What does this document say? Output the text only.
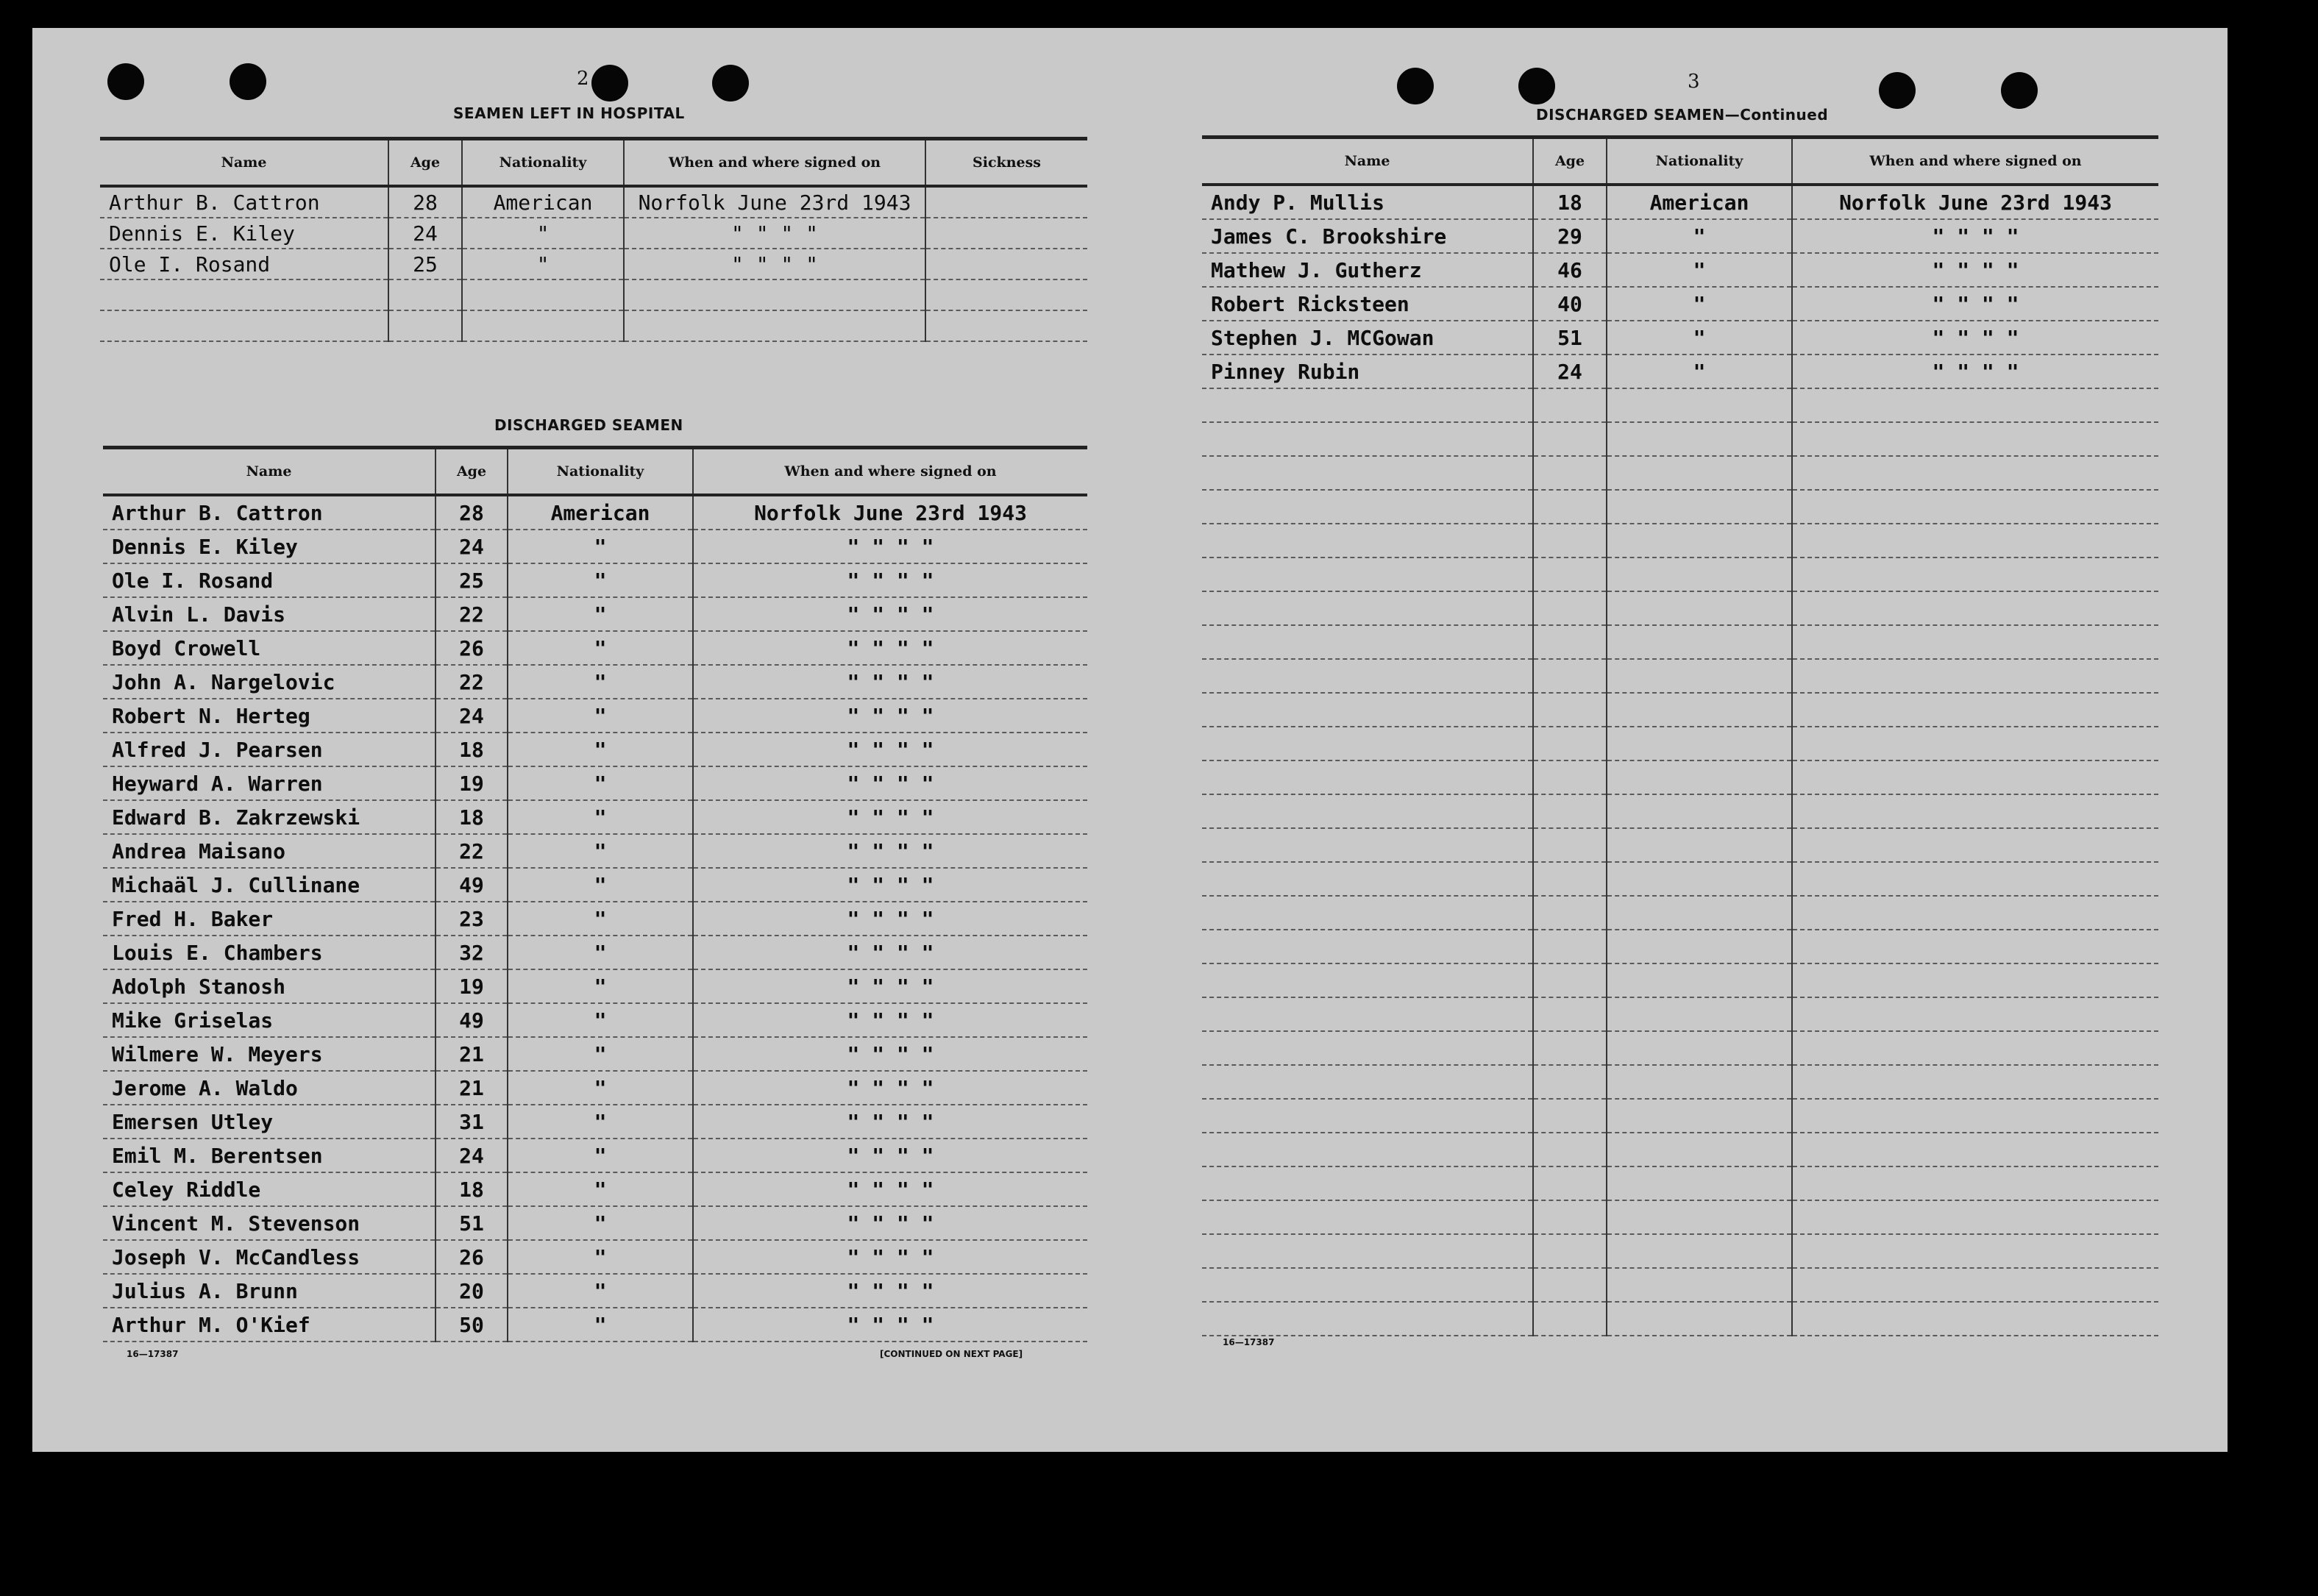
2
SEAMEN LEFT IN HOSPITAL
Name	Age	Nationality	When and where signed on	Sickness
Arthur B. Cattron	28	American	Norfolk June 23rd 1943	
Dennis E. Kiley	24	"	" " " "	
Ole I. Rosand	25	"	" " " "	

DISCHARGED SEAMEN
Name	Age	Nationality	When and where signed on
Arthur B. Cattron	28	American	Norfolk June 23rd 1943
Dennis E. Kiley	24	"	" " " "
Ole I. Rosand	25	"	" " " "
Alvin L. Davis	22	"	" " " "
Boyd Crowell	26	"	" " " "
John A. Nargelovic	22	"	" " " "
Robert N. Herteg	24	"	" " " "
Alfred J. Pearsen	18	"	" " " "
Heyward A. Warren	19	"	" " " "
Edward B. Zakrzewski	18	"	" " " "
Andrea Maisano	22	"	" " " "
Michaäl J. Cullinane	49	"	" " " "
Fred H. Baker	23	"	" " " "
Louis E. Chambers	32	"	" " " "
Adolph Stanosh	19	"	" " " "
Mike Griselas	49	"	" " " "
Wilmere W. Meyers	21	"	" " " "
Jerome A. Waldo	21	"	" " " "
Emersen Utley	31	"	" " " "
Emil M. Berentsen	24	"	" " " "
Celey Riddle	18	"	" " " "
Vincent M. Stevenson	51	"	" " " "
Joseph V. McCandless	26	"	" " " "
Julius A. Brunn	20	"	" " " "
Arthur M. O'Kief	50	"	" " " "
16—17387	[CONTINUED ON NEXT PAGE]
3
DISCHARGED SEAMEN—Continued
Name	Age	Nationality	When and where signed on
Andy P. Mullis	18	American	Norfolk June 23rd 1943
James C. Brookshire	29	"	" " " "
Mathew J. Gutherz	46	"	" " " "
Robert Ricksteen	40	"	" " " "
Stephen J. MCGowan	51	"	" " " "
Pinney Rubin	24	"	" " " "

16—17387
